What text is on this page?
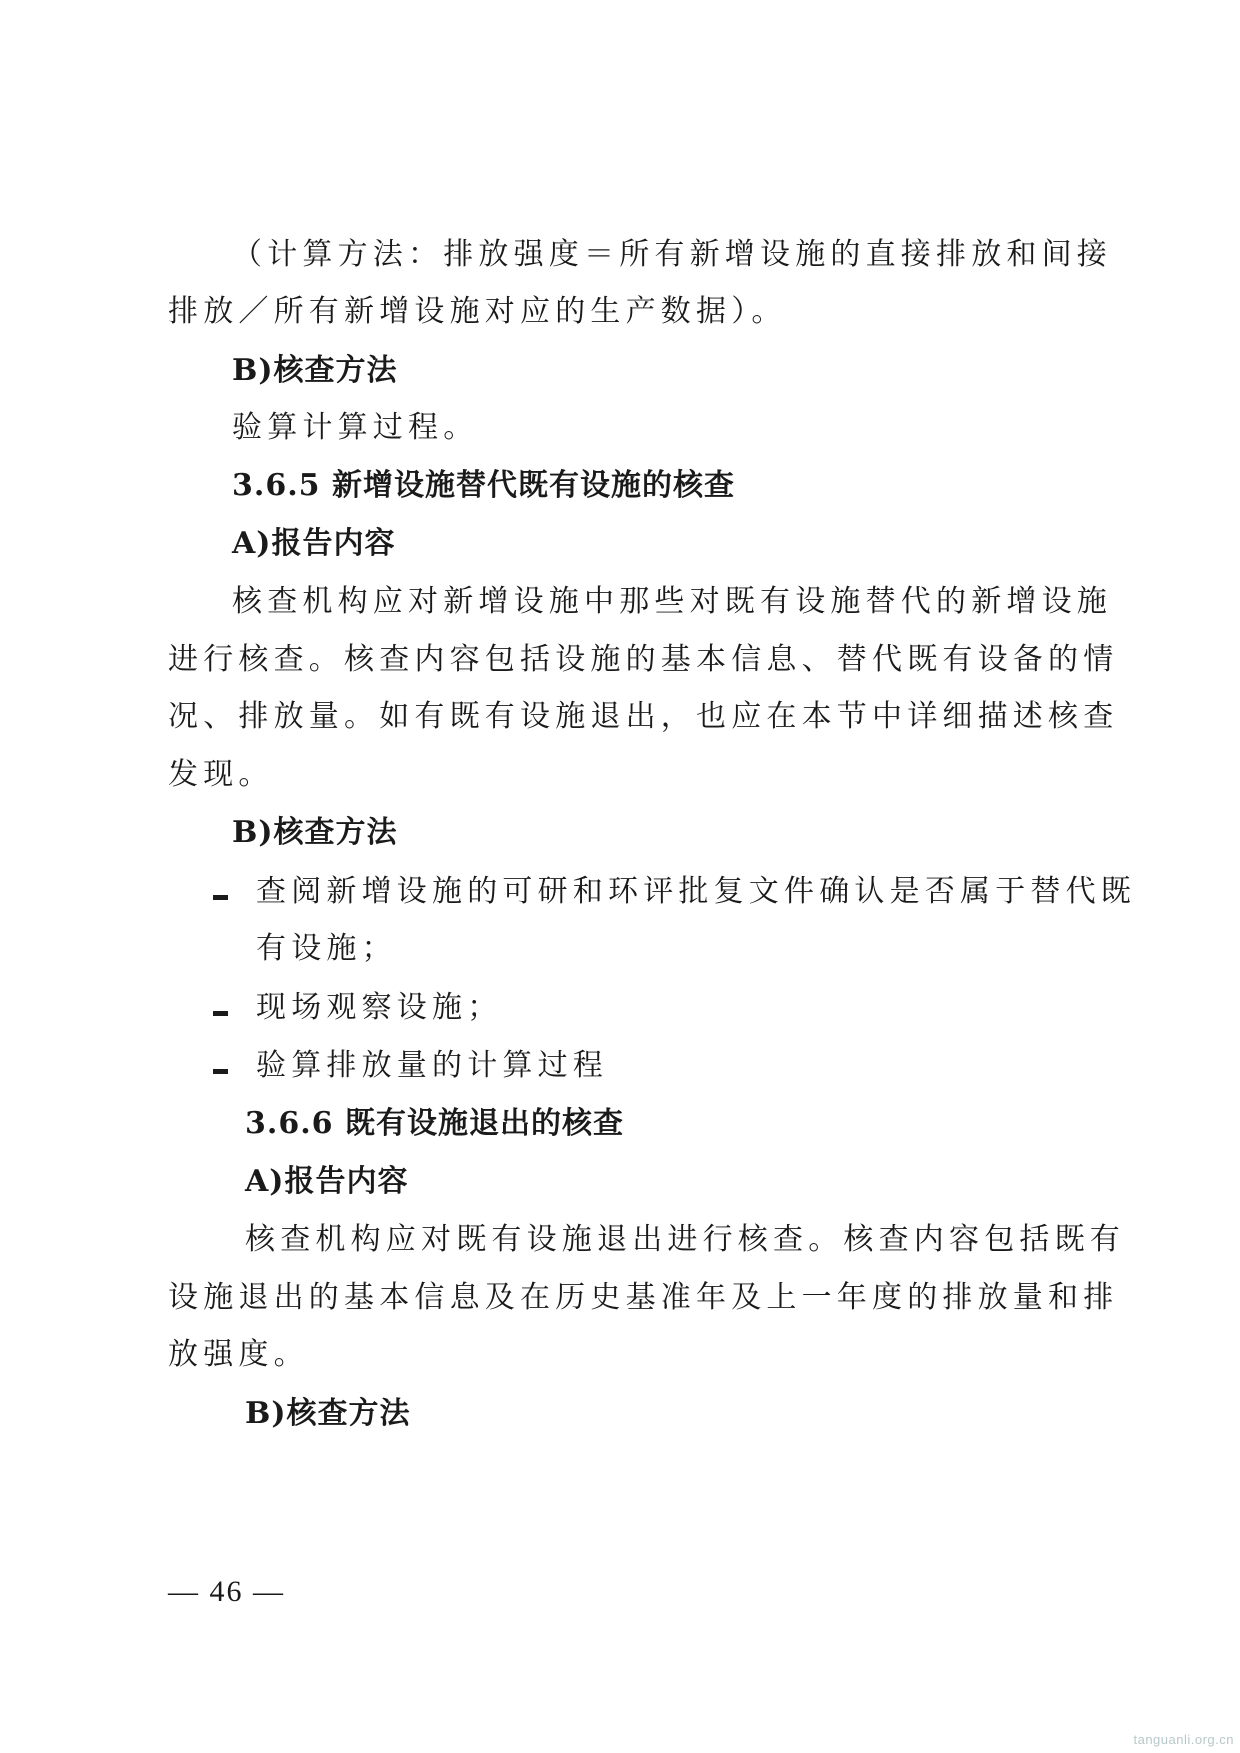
（计算方法：排放强度＝所有新增设施的直接排放和间接
排放／所有新增设施对应的生产数据）。
B)核查方法
验算计算过程。
3.6.5 新增设施替代既有设施的核查
A)报告内容
核查机构应对新增设施中那些对既有设施替代的新增设施
进行核查。核查内容包括设施的基本信息、替代既有设备的情
况、排放量。如有既有设施退出，也应在本节中详细描述核查
发现。
B)核查方法
查阅新增设施的可研和环评批复文件确认是否属于替代既
有设施；
现场观察设施；
验算排放量的计算过程
3.6.6 既有设施退出的核查
A)报告内容
核查机构应对既有设施退出进行核查。核查内容包括既有
设施退出的基本信息及在历史基准年及上一年度的排放量和排
放强度。
B)核查方法
— 46 —
tanguanli.org.cn
